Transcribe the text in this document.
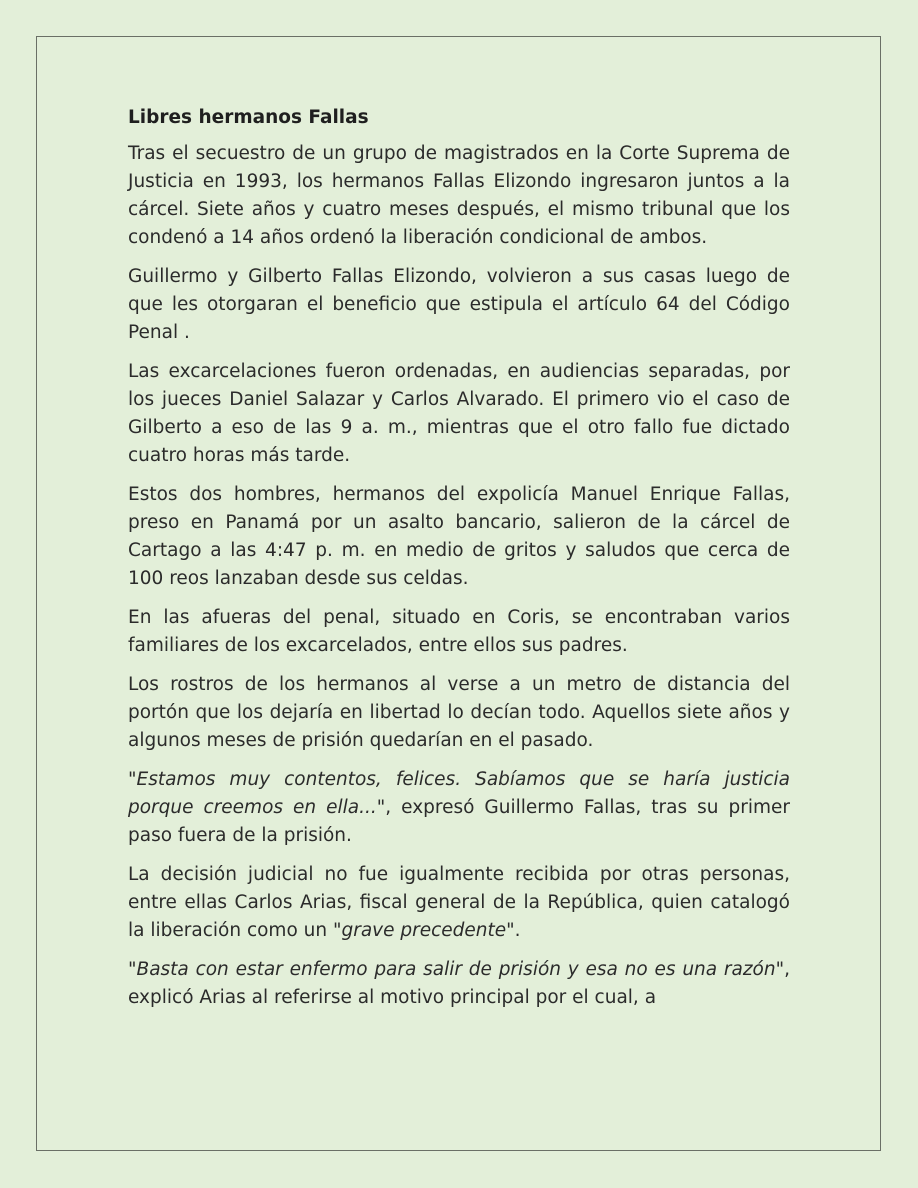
Libres hermanos Fallas

Tras el secuestro de un grupo de magistrados en la Corte Suprema de Justicia en 1993, los hermanos Fallas Elizondo ingresaron juntos a la cárcel. Siete años y cuatro meses después, el mismo tribunal que los condenó a 14 años ordenó la liberación condicional de ambos.

Guillermo y Gilberto Fallas Elizondo, volvieron a sus casas luego de que les otorgaran el beneficio que estipula el artículo 64 del Código Penal .

Las excarcelaciones fueron ordenadas, en audiencias separadas, por los jueces Daniel Salazar y Carlos Alvarado. El primero vio el caso de Gilberto a eso de las 9 a. m., mientras que el otro fallo fue dictado cuatro horas más tarde.

Estos dos hombres, hermanos del expolicía Manuel Enrique Fallas, preso en Panamá por un asalto bancario, salieron de la cárcel de Cartago a las 4:47 p. m. en medio de gritos y saludos que cerca de 100 reos lanzaban desde sus celdas.

En las afueras del penal, situado en Coris, se encontraban varios familiares de los excarcelados, entre ellos sus padres.

Los rostros de los hermanos al verse a un metro de distancia del portón que los dejaría en libertad lo decían todo. Aquellos siete años y algunos meses de prisión quedarían en el pasado.

"Estamos muy contentos, felices. Sabíamos que se haría justicia porque creemos en ella...", expresó Guillermo Fallas, tras su primer paso fuera de la prisión.

La decisión judicial no fue igualmente recibida por otras personas, entre ellas Carlos Arias, fiscal general de la República, quien catalogó la liberación como un "grave precedente".

"Basta con estar enfermo para salir de prisión y esa no es una razón", explicó Arias al referirse al motivo principal por el cual, a
